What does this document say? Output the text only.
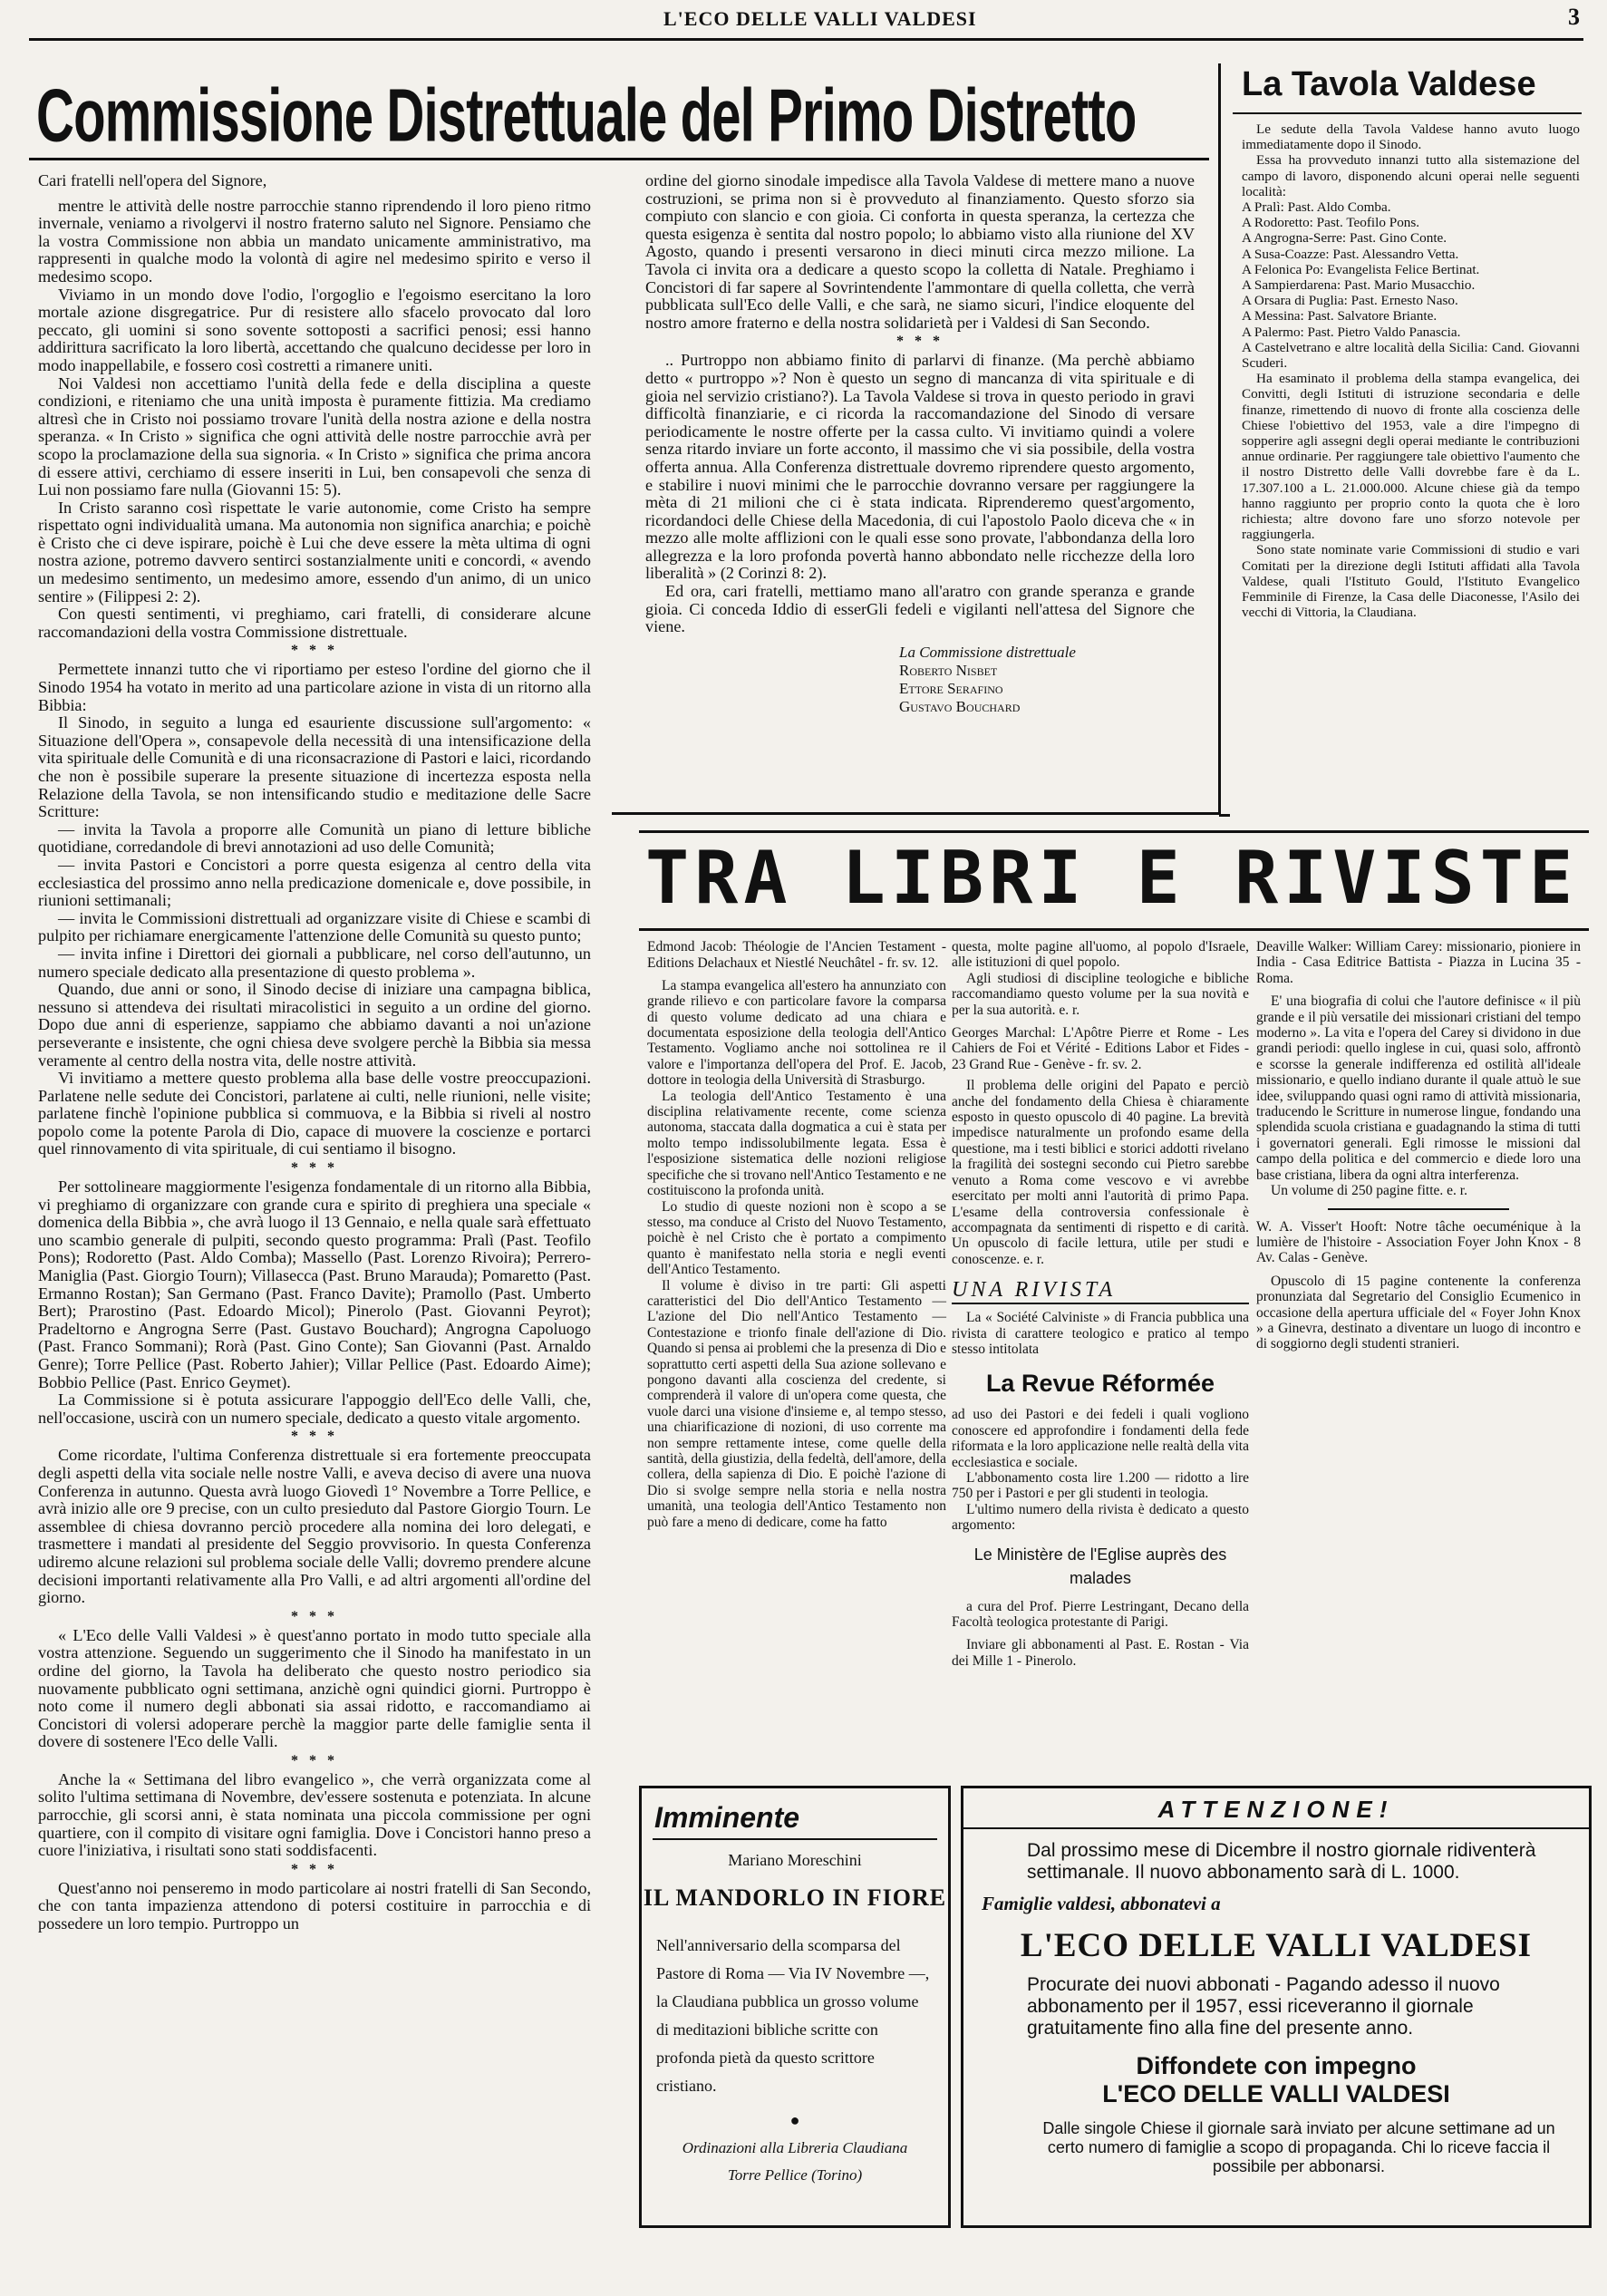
L'ECO DELLE VALLI VALDESI	3
Commissione Distrettuale del Primo Distretto

Cari fratelli nell'opera del Signore,

mentre le attività delle nostre parrocchie stanno riprendendo il loro pieno ritmo invernale, veniamo a rivolgervi il nostro fraterno saluto nel Signore. Pensiamo che la vostra Commissione non abbia un mandato unicamente amministrativo, ma rappresenti in qualche modo la volontà di agire nel medesimo spirito e verso il medesimo scopo.

Viviamo in un mondo dove l'odio, l'orgoglio e l'egoismo esercitano la loro mortale azione disgregatrice. Pur di resistere allo sfacelo provocato dal loro peccato, gli uomini si sono sovente sottoposti a sacrifici penosi; essi hanno addirittura sacrificato la loro libertà, accettando che qualcuno decidesse per loro in modo inappellabile, e fossero così costretti a rimanere uniti.

Noi Valdesi non accettiamo l'unità della fede e della disciplina a queste condizioni, e riteniamo che una unità imposta è puramente fittizia. Ma crediamo altresì che in Cristo noi possiamo trovare l'unità della nostra azione e della nostra speranza. « In Cristo » significa che ogni attività delle nostre parrocchie avrà per scopo la proclamazione della sua signoria. « In Cristo » significa che prima ancora di essere attivi, cerchiamo di essere inseriti in Lui, ben consapevoli che senza di Lui non possiamo fare nulla (Giovanni 15: 5).

In Cristo saranno così rispettate le varie autonomie, come Cristo ha sempre rispettato ogni individualità umana. Ma autonomia non significa anarchia; e poichè è Cristo che ci deve ispirare, poichè è Lui che deve essere la mèta ultima di ogni nostra azione, potremo davvero sentirci sostanzialmente uniti e concordi, « avendo un medesimo sentimento, un medesimo amore, essendo d'un animo, di un unico sentire » (Filippesi 2: 2).

Con questi sentimenti, vi preghiamo, cari fratelli, di considerare alcune raccomandazioni della vostra Commissione distrettuale.

* * *

Permettete innanzi tutto che vi riportiamo per esteso l'ordine del giorno che il Sinodo 1954 ha votato in merito ad una particolare azione in vista di un ritorno alla Bibbia:

Il Sinodo, in seguito a lunga ed esauriente discussione sull'argomento: « Situazione dell'Opera », consapevole della necessità di una intensificazione della vita spirituale delle Comunità e di una riconsacrazione di Pastori e laici, ricordando che non è possibile superare la presente situazione di incertezza esposta nella Relazione della Tavola, se non intensificando studio e meditazione delle Sacre Scritture:

— invita la Tavola a proporre alle Comunità un piano di letture bibliche quotidiane, corredandole di brevi annotazioni ad uso delle Comunità;

— invita Pastori e Concistori a porre questa esigenza al centro della vita ecclesiastica del prossimo anno nella predicazione domenicale e, dove possibile, in riunioni settimanali;

— invita le Commissioni distrettuali ad organizzare visite di Chiese e scambi di pulpito per richiamare energicamente l'attenzione delle Comunità su questo punto;

— invita infine i Direttori dei giornali a pubblicare, nel corso dell'autunno, un numero speciale dedicato alla presentazione di questo problema ».

Quando, due anni or sono, il Sinodo decise di iniziare una campagna biblica, nessuno si attendeva dei risultati miracolistici in seguito a un ordine del giorno. Dopo due anni di esperienze, sappiamo che abbiamo davanti a noi un'azione perseverante e insistente, che ogni chiesa deve svolgere perchè la Bibbia sia messa veramente al centro della nostra vita, delle nostre attività.

Vi invitiamo a mettere questo problema alla base delle vostre preoccupazioni. Parlatene nelle sedute dei Concistori, parlatene ai culti, nelle riunioni, nelle visite; parlatene finchè l'opinione pubblica si commuova, e la Bibbia si riveli al nostro popolo come la potente Parola di Dio, capace di muovere la coscienze e portarci quel rinnovamento di vita spirituale, di cui sentiamo il bisogno.

* * *

Per sottolineare maggiormente l'esigenza fondamentale di un ritorno alla Bibbia, vi preghiamo di organizzare con grande cura e spirito di preghiera una speciale « domenica della Bibbia », che avrà luogo il 13 Gennaio, e nella quale sarà effettuato uno scambio generale di pulpiti, secondo questo programma: Pralì (Past. Teofilo Pons); Rodoretto (Past. Aldo Comba); Massello (Past. Lorenzo Rivoira); Perrero-Maniglia (Past. Giorgio Tourn); Villasecca (Past. Bruno Marauda); Pomaretto (Past. Ermanno Rostan); San Germano (Past. Franco Davite); Pramollo (Past. Umberto Bert); Prarostino (Past. Edoardo Micol); Pinerolo (Past. Giovanni Peyrot); Pradeltorno e Angrogna Serre (Past. Gustavo Bouchard); Angrogna Capoluogo (Past. Franco Sommani); Rorà (Past. Gino Conte); San Giovanni (Past. Arnaldo Genre); Torre Pellice (Past. Roberto Jahier); Villar Pellice (Past. Edoardo Aime); Bobbio Pellice (Past. Enrico Geymet).

La Commissione si è potuta assicurare l'appoggio dell'Eco delle Valli, che, nell'occasione, uscirà con un numero speciale, dedicato a questo vitale argomento.

* * *

Come ricordate, l'ultima Conferenza distrettuale si era fortemente preoccupata degli aspetti della vita sociale nelle nostre Valli, e aveva deciso di avere una nuova Conferenza in autunno. Questa avrà luogo Giovedì 1° Novembre a Torre Pellice, e avrà inizio alle ore 9 precise, con un culto presieduto dal Pastore Giorgio Tourn. Le assemblee di chiesa dovranno perciò procedere alla nomina dei loro delegati, e trasmettere i mandati al presidente del Seggio provvisorio. In questa Conferenza udiremo alcune relazioni sul problema sociale delle Valli; dovremo prendere alcune decisioni importanti relativamente alla Pro Valli, e ad altri argomenti all'ordine del giorno.

* * *

« L'Eco delle Valli Valdesi » è quest'anno portato in modo tutto speciale alla vostra attenzione. Seguendo un suggerimento che il Sinodo ha manifestato in un ordine del giorno, la Tavola ha deliberato che questo nostro periodico sia nuovamente pubblicato ogni settimana, anzichè ogni quindici giorni. Purtroppo è noto come il numero degli abbonati sia assai ridotto, e raccomandiamo ai Concistori di volersi adoperare perchè la maggior parte delle famiglie senta il dovere di sostenere l'Eco delle Valli.

* * *

Anche la « Settimana del libro evangelico », che verrà organizzata come al solito l'ultima settimana di Novembre, dev'essere sostenuta e potenziata. In alcune parrocchie, gli scorsi anni, è stata nominata una piccola commissione per ogni quartiere, con il compito di visitare ogni famiglia. Dove i Concistori hanno preso a cuore l'iniziativa, i risultati sono stati soddisfacenti.

* * *

Quest'anno noi penseremo in modo particolare ai nostri fratelli di San Secondo, che con tanta impazienza attendono di potersi costituire in parrocchia e di possedere un loro tempio. Purtroppo un

ordine del giorno sinodale impedisce alla Tavola Valdese di mettere mano a nuove costruzioni, se prima non si è provveduto al finanziamento. Questo sforzo sia compiuto con slancio e con gioia. Ci conforta in questa speranza, la certezza che questa esigenza è sentita dal nostro popolo; lo abbiamo visto alla riunione del XV Agosto, quando i presenti versarono in dieci minuti circa mezzo milione. La Tavola ci invita ora a dedicare a questo scopo la colletta di Natale. Preghiamo i Concistori di far sapere al Sovrintendente l'ammontare di quella colletta, che verrà pubblicata sull'Eco delle Valli, e che sarà, ne siamo sicuri, l'indice eloquente del nostro amore fraterno e della nostra solidarietà per i Valdesi di San Secondo.

* * *

.. Purtroppo non abbiamo finito di parlarvi di finanze. (Ma perchè abbiamo detto « purtroppo »? Non è questo un segno di mancanza di vita spirituale e di gioia nel servizio cristiano?). La Tavola Valdese si trova in questo periodo in gravi difficoltà finanziarie, e ci ricorda la raccomandazione del Sinodo di versare periodicamente le nostre offerte per la cassa culto. Vi invitiamo quindi a volere senza ritardo inviare un forte acconto, il massimo che vi sia possibile, della vostra offerta annua. Alla Conferenza distrettuale dovremo riprendere questo argomento, e stabilire i nuovi minimi che le parrocchie dovranno versare per raggiungere la mèta di 21 milioni che ci è stata indicata. Riprenderemo quest'argomento, ricordandoci delle Chiese della Macedonia, di cui l'apostolo Paolo diceva che « in mezzo alle molte afflizioni con le quali esse sono provate, l'abbondanza della loro allegrezza e la loro profonda povertà hanno abbondato nelle ricchezze della loro liberalità » (2 Corinzi 8: 2).

Ed ora, cari fratelli, mettiamo mano all'aratro con grande speranza e grande gioia. Ci conceda Iddio di esserGli fedeli e vigilanti nell'attesa del Signore che viene.

La Commissione distrettuale
Roberto Nisbet
Ettore Serafino
Gustavo Bouchard
La Tavola Valdese

Le sedute della Tavola Valdese hanno avuto luogo immediatamente dopo il Sinodo.

Essa ha provveduto innanzi tutto alla sistemazione del campo di lavoro, disponendo alcuni operai nelle seguenti località:

A Pralì: Past. Aldo Comba.
A Rodoretto: Past. Teofilo Pons.
A Angrogna-Serre: Past. Gino Conte.
A Susa-Coazze: Past. Alessandro Vetta.
A Felonica Po: Evangelista Felice Bertinat.
A Sampierdarena: Past. Mario Musacchio.
A Orsara di Puglia: Past. Ernesto Naso.
A Messina: Past. Salvatore Briante.
A Palermo: Past. Pietro Valdo Panascia.
A Castelvetrano e altre località della Sicilia: Cand. Giovanni Scuderi.

Ha esaminato il problema della stampa evangelica, dei Convitti, degli Istituti di istruzione secondaria e delle finanze, rimettendo di nuovo di fronte alla coscienza delle Chiese l'obiettivo del 1953, vale a dire l'impegno di sopperire agli assegni degli operai mediante le contribuzioni annue ordinarie. Per raggiungere tale obiettivo l'aumento che il nostro Distretto delle Valli dovrebbe fare è da L. 17.307.100 a L. 21.000.000. Alcune chiese già da tempo hanno raggiunto per proprio conto la quota che è loro richiesta; altre dovono fare uno sforzo notevole per raggiungerla.

Sono state nominate varie Commissioni di studio e vari Comitati per la direzione degli Istituti affidati alla Tavola Valdese, quali l'Istituto Gould, l'Istituto Evangelico Femminile di Firenze, la Casa delle Diaconesse, l'Asilo dei vecchi di Vittoria, la Claudiana.

TRA LIBRI E RIVISTE

Edmond Jacob: Théologie de l'Ancien Testament - Editions Delachaux et Niestlé Neuchâtel - fr. sv. 12.

La stampa evangelica all'estero ha annunziato con grande rilievo e con particolare favore la comparsa di questo volume dedicato ad una chiara e documentata esposizione della teologia dell'Antico Testamento. Vogliamo anche noi sottolinea re il valore e l'importanza dell'opera del Prof. E. Jacob, dottore in teologia della Università di Strasburgo.

La teologia dell'Antico Testamento è una disciplina relativamente recente, come scienza autonoma, staccata dalla dogmatica a cui è stata per molto tempo indissolubilmente legata. Essa è l'esposizione sistematica delle nozioni religiose specifiche che si trovano nell'Antico Testamento e ne costituiscono la profonda unità.

Lo studio di queste nozioni non è scopo a se stesso, ma conduce al Cristo del Nuovo Testamento, poichè è nel Cristo che è portato a compimento quanto è manifestato nella storia e negli eventi dell'Antico Testamento.

Il volume è diviso in tre parti: Gli aspetti caratteristici del Dio dell'Antico Testamento — L'azione del Dio nell'Antico Testamento — Contestazione e trionfo finale dell'azione di Dio. Quando si pensa ai problemi che la presenza di Dio e soprattutto certi aspetti della Sua azione sollevano e pongono davanti alla coscienza del credente, si comprenderà il valore di un'opera come questa, che vuole darci una visione d'insieme e, al tempo stesso, una chiarificazione di nozioni, di uso corrente ma non sempre rettamente intese, come quelle della santità, della giustizia, della fedeltà, dell'amore, della collera, della sapienza di Dio. E poichè l'azione di Dio si svolge sempre nella storia e nella nostra umanità, una teologia dell'Antico Testamento non può fare a meno di dedicare, come ha fatto

questa, molte pagine all'uomo, al popolo d'Israele, alle istituzioni di quel popolo.

Agli studiosi di discipline teologiche e bibliche raccomandiamo questo volume per la sua novità e per la sua autorità. e. r.

Georges Marchal: L'Apôtre Pierre et Rome - Les Cahiers de Foi et Vérité - Editions Labor et Fides - 23 Grand Rue - Genève - fr. sv. 2.

Il problema delle origini del Papato e perciò anche del fondamento della Chiesa è chiaramente esposto in questo opuscolo di 40 pagine. La brevità impedisce naturalmente un profondo esame della questione, ma i testi biblici e storici addotti rivelano la fragilità dei sostegni secondo cui Pietro sarebbe venuto a Roma come vescovo e vi avrebbe esercitato per molti anni l'autorità di primo Papa. L'esame della controversia confessionale è accompagnata da sentimenti di rispetto e di carità. Un opuscolo di facile lettura, utile per studi e conoscenze. e. r.

UNA RIVISTA

La « Société Calviniste » di Francia pubblica una rivista di carattere teologico e pratico al tempo stesso intitolata

La Revue Réformée

ad uso dei Pastori e dei fedeli i quali vogliono conoscere ed approfondire i fondamenti della fede riformata e la loro applicazione nelle realtà della vita ecclesiastica e sociale.

L'abbonamento costa lire 1.200 — ridotto a lire 750 per i Pastori e per gli studenti in teologia.

L'ultimo numero della rivista è dedicato a questo argomento:

Le Ministère de l'Eglise auprès des malades

a cura del Prof. Pierre Lestringant, Decano della Facoltà teologica protestante di Parigi.

Inviare gli abbonamenti al Past. E. Rostan - Via dei Mille 1 - Pinerolo.

Deaville Walker: William Carey: missionario, pioniere in India - Casa Editrice Battista - Piazza in Lucina 35 - Roma.

E' una biografia di colui che l'autore definisce « il più grande e il più versatile dei missionari cristiani del tempo moderno ». La vita e l'opera del Carey si dividono in due grandi periodi: quello inglese in cui, quasi solo, affrontò e scorsse la generale indifferenza ed ostilità all'ideale missionario, e quello indiano durante il quale attuò le sue idee, sviluppando quasi ogni ramo di attività missionaria, traducendo le Scritture in numerose lingue, fondando una splendida scuola cristiana e guadagnando la stima di tutti i governatori generali. Egli rimosse le missioni dal campo della politica e del commercio e diede loro una base cristiana, libera da ogni altra interferenza.

Un volume di 250 pagine fitte. e. r.

W. A. Visser't Hooft: Notre tâche oecuménique à la lumière de l'histoire - Association Foyer John Knox - 8 Av. Calas - Genève.

Opuscolo di 15 pagine contenente la conferenza pronunziata dal Segretario del Consiglio Ecumenico in occasione della apertura ufficiale del « Foyer John Knox » a Ginevra, destinato a diventare un luogo di incontro e di soggiorno degli studenti stranieri.

Imminente
Mariano Moreschini
IL MANDORLO IN FIORE
Nell'anniversario della scomparsa del Pastore di Roma — Via IV Novembre —, la Claudiana pubblica un grosso volume di meditazioni bibliche scritte con profonda pietà da questo scrittore cristiano.
●
Ordinazioni alla Libreria Claudiana
Torre Pellice (Torino)
ATTENZIONE!
Dal prossimo mese di Dicembre il nostro giornale ridiventerà settimanale. Il nuovo abbonamento sarà di L. 1000.
Famiglie valdesi, abbonatevi a
L'ECO DELLE VALLI VALDESI
Procurate dei nuovi abbonati - Pagando adesso il nuovo abbonamento per il 1957, essi riceveranno il giornale gratuitamente fino alla fine del presente anno.
Diffondete con impegno
L'ECO DELLE VALLI VALDESI
Dalle singole Chiese il giornale sarà inviato per alcune settimane ad un certo numero di famiglie a scopo di propaganda. Chi lo riceve faccia il possibile per abbonarsi.
